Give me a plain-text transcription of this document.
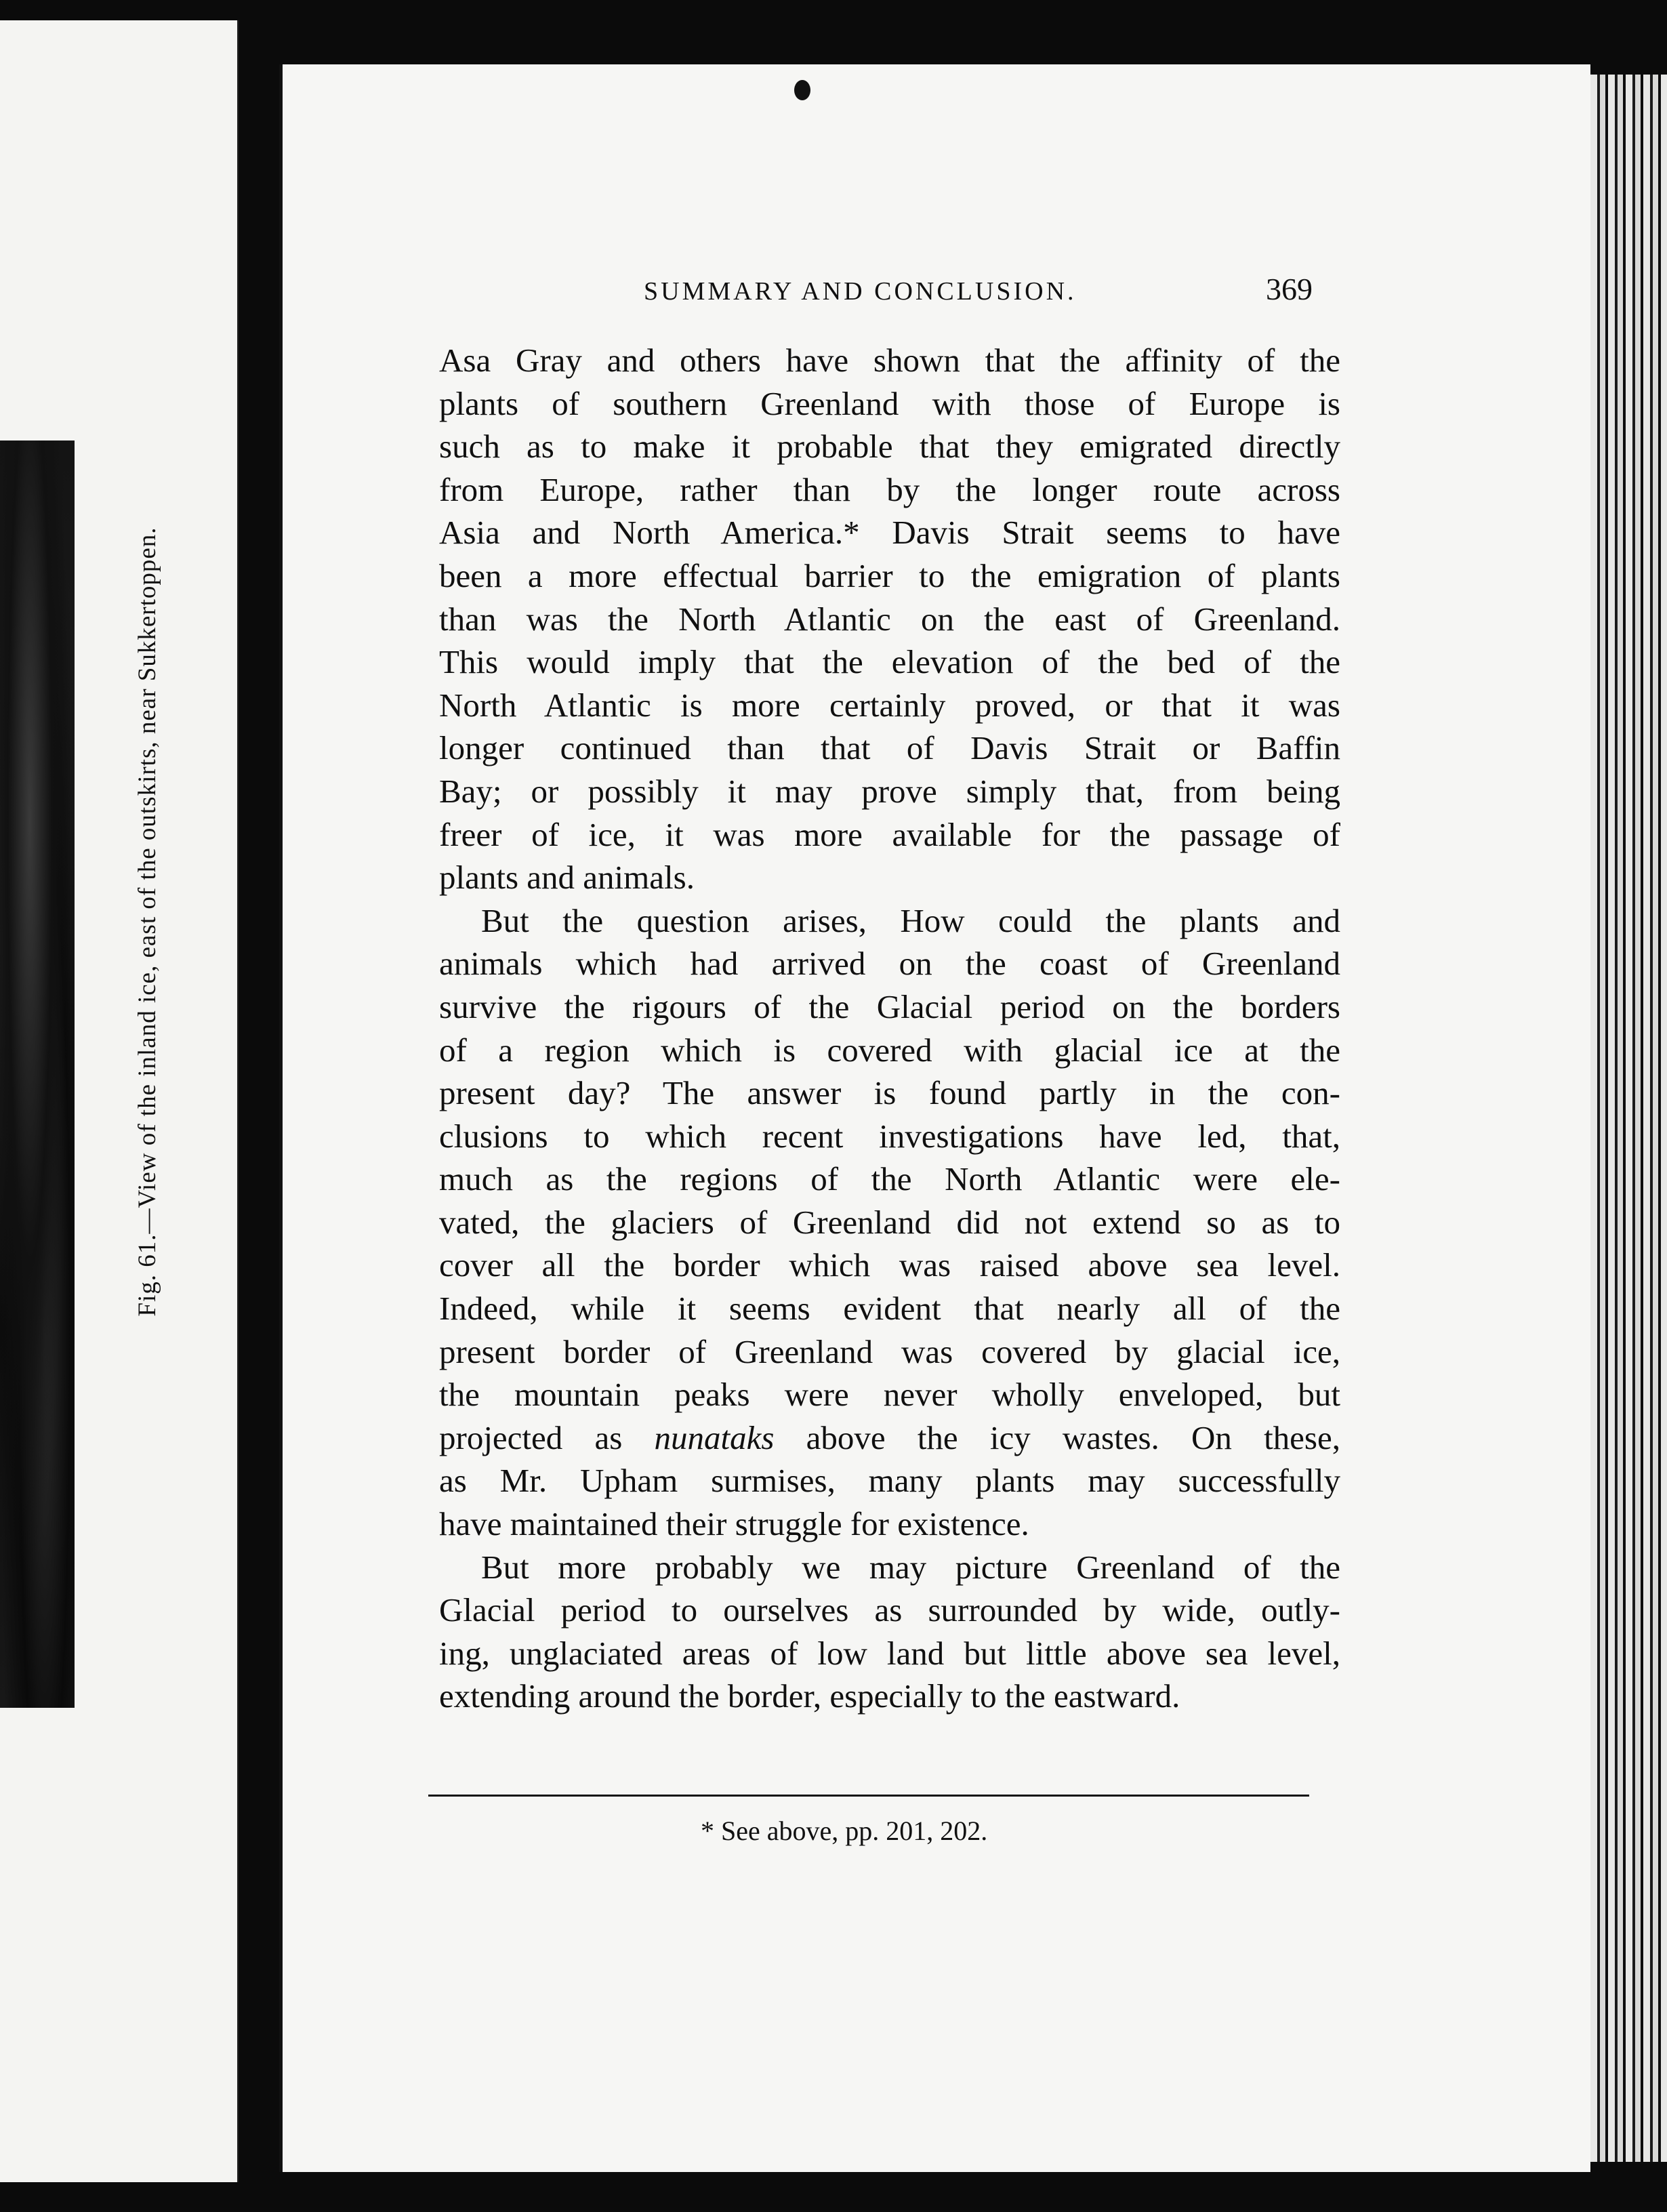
Fig. 61.—View of the inland ice, east of the outskirts, near Sukkertoppen.
SUMMARY AND CONCLUSION.	369

Asa Gray and others have shown that the affinity of the
plants of southern Greenland with those of Europe is
such as to make it probable that they emigrated directly
from Europe, rather than by the longer route across
Asia and North America.* Davis Strait seems to have
been a more effectual barrier to the emigration of plants
than was the North Atlantic on the east of Greenland.
This would imply that the elevation of the bed of the
North Atlantic is more certainly proved, or that it was
longer continued than that of Davis Strait or Baffin
Bay; or possibly it may prove simply that, from being
freer of ice, it was more available for the passage of
plants and animals.

But the question arises, How could the plants and
animals which had arrived on the coast of Greenland
survive the rigours of the Glacial period on the borders
of a region which is covered with glacial ice at the
present day? The answer is found partly in the con-
clusions to which recent investigations have led, that,
much as the regions of the North Atlantic were ele-
vated, the glaciers of Greenland did not extend so as to
cover all the border which was raised above sea level.
Indeed, while it seems evident that nearly all of the
present border of Greenland was covered by glacial ice,
the mountain peaks were never wholly enveloped, but
projected as nunataks above the icy wastes. On these,
as Mr. Upham surmises, many plants may successfully
have maintained their struggle for existence.

But more probably we may picture Greenland of the
Glacial period to ourselves as surrounded by wide, outly-
ing, unglaciated areas of low land but little above sea level,
extending around the border, especially to the eastward.

* See above, pp. 201, 202.
